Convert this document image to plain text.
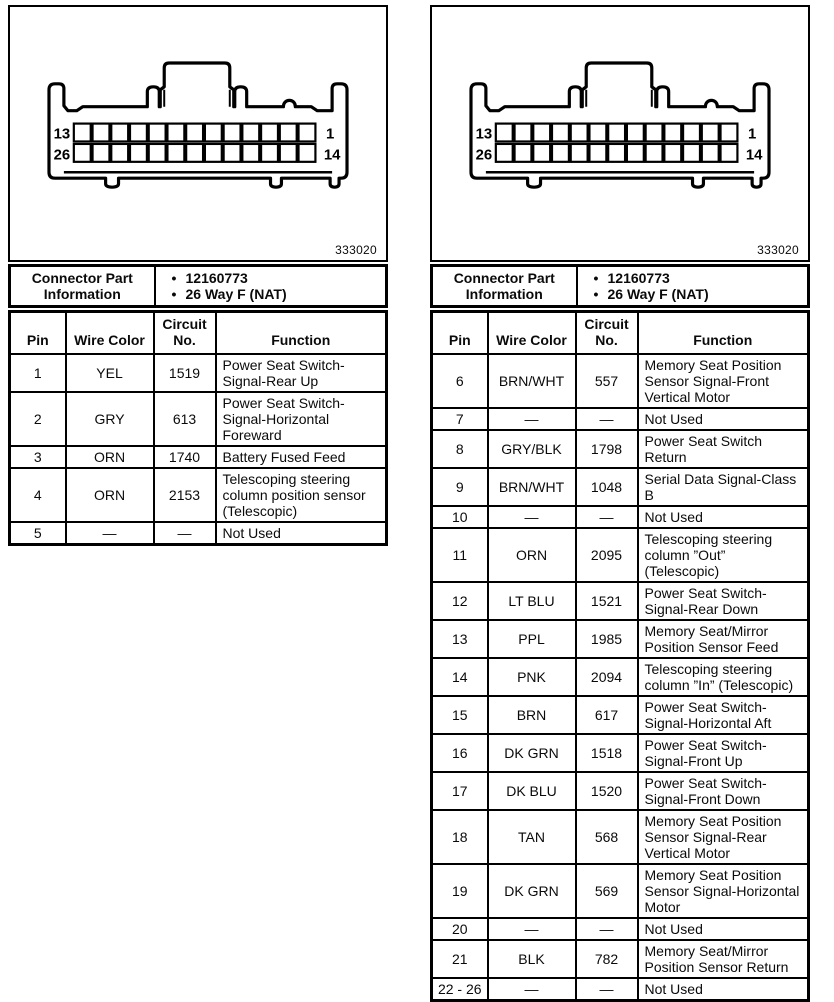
13
26
1
14
333020
Connector Part Information	
• 12160773
• 26 Way F (NAT)
Pin	Wire Color	Circuit No.	Function
1	YEL	1519	Power Seat Switch-Signal-Rear Up
2	GRY	613	Power Seat Switch-Signal-Horizontal Foreward
3	ORN	1740	Battery Fused Feed
4	ORN	2153	Telescoping steering column position sensor (Telescopic)
5	—	—	Not Used
13
26
1
14
333020
Connector Part Information	
• 12160773
• 26 Way F (NAT)
Pin	Wire Color	Circuit No.	Function
6	BRN/WHT	557	Memory Seat Position Sensor Signal-Front Vertical Motor
7	—	—	Not Used
8	GRY/BLK	1798	Power Seat Switch Return
9	BRN/WHT	1048	Serial Data Signal-Class B
10	—	—	Not Used
11	ORN	2095	Telescoping steering column ”Out” (Telescopic)
12	LT BLU	1521	Power Seat Switch-Signal-Rear Down
13	PPL	1985	Memory Seat/Mirror Position Sensor Feed
14	PNK	2094	Telescoping steering column ”In” (Telescopic)
15	BRN	617	Power Seat Switch-Signal-Horizontal Aft
16	DK GRN	1518	Power Seat Switch-Signal-Front Up
17	DK BLU	1520	Power Seat Switch-Signal-Front Down
18	TAN	568	Memory Seat Position Sensor Signal-Rear Vertical Motor
19	DK GRN	569	Memory Seat Position Sensor Signal-Horizontal Motor
20	—	—	Not Used
21	BLK	782	Memory Seat/Mirror Position Sensor Return
22 - 26	—	—	Not Used
